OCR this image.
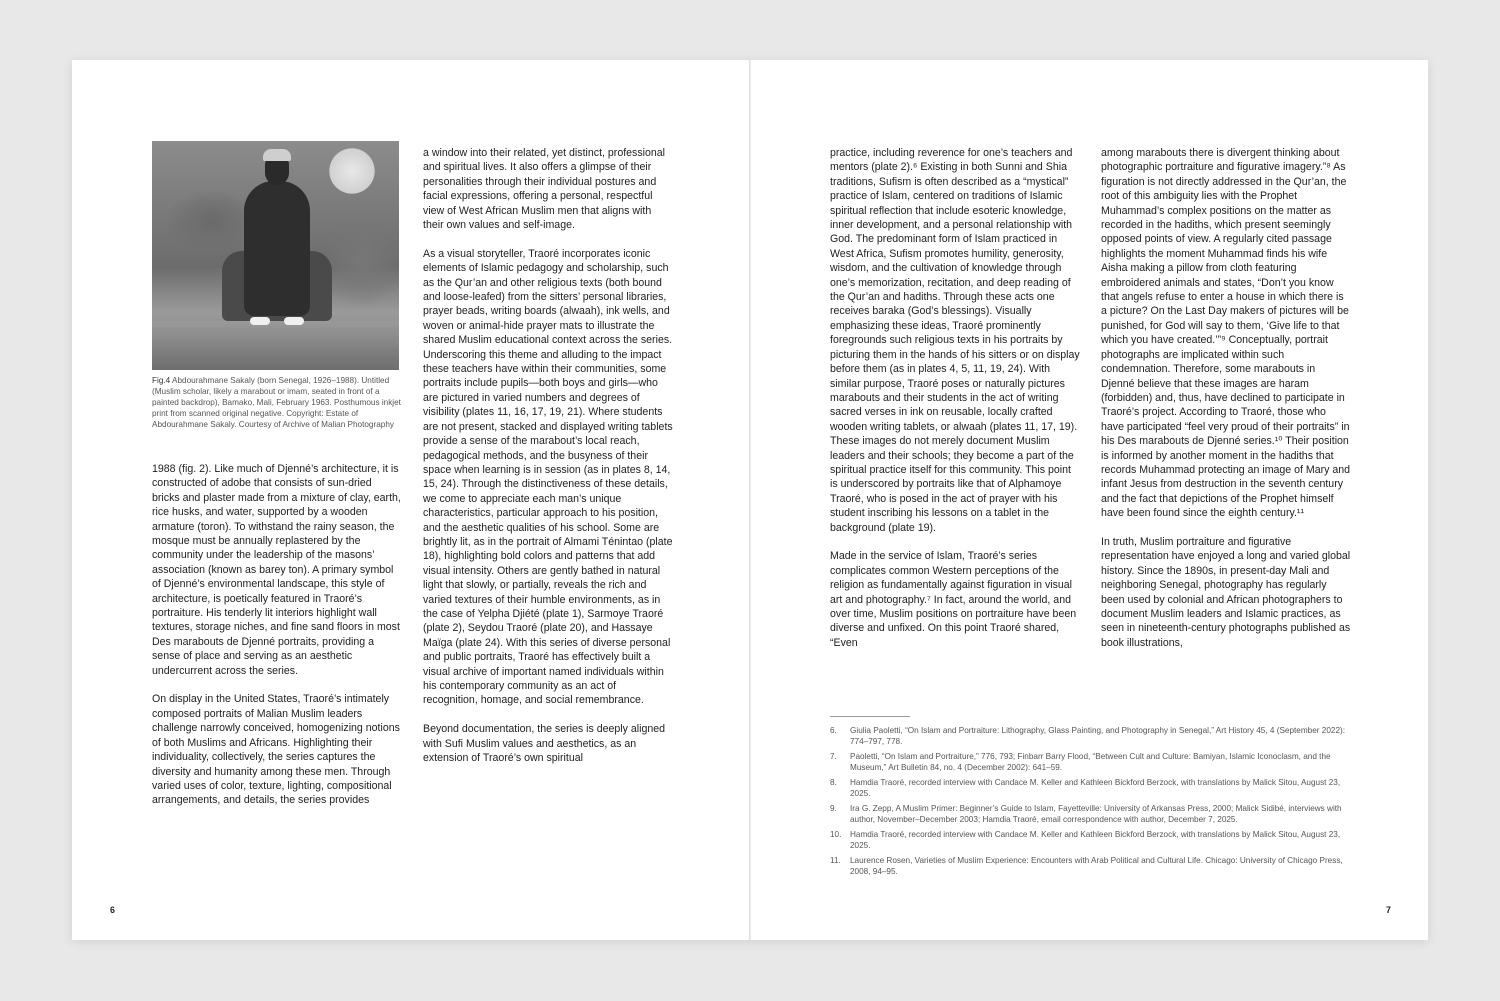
Fig.4 Abdourahmane Sakaly (born Senegal, 1926–1988). Untitled (Muslim scholar, likely a marabout or imam, seated in front of a painted backdrop), Bamako, Mali, February 1963. Posthumous inkjet print from scanned original negative. Copyright: Estate of Abdourahmane Sakaly. Courtesy of Archive of Malian Photography

1988 (fig. 2). Like much of Djenné’s architecture, it is constructed of adobe that consists of sun-dried bricks and plaster made from a mixture of clay, earth, rice husks, and water, supported by a wooden armature (toron). To withstand the rainy season, the mosque must be annually replastered by the community under the leadership of the masons’ association (known as barey ton). A primary symbol of Djenné’s environmental landscape, this style of architecture, is poetically featured in Traoré’s portraiture. His tenderly lit interiors highlight wall textures, storage niches, and fine sand floors in most Des marabouts de Djenné portraits, providing a sense of place and serving as an aesthetic undercurrent across the series.

On display in the United States, Traoré’s intimately composed portraits of Malian Muslim leaders challenge narrowly conceived, homogenizing notions of both Muslims and Africans. Highlighting their individuality, collectively, the series captures the diversity and humanity among these men. Through varied uses of color, texture, lighting, compositional arrangements, and details, the series provides

a window into their related, yet distinct, professional and spiritual lives. It also offers a glimpse of their personalities through their individual postures and facial expressions, offering a personal, respectful view of West African Muslim men that aligns with their own values and self-image.

As a visual storyteller, Traoré incorporates iconic elements of Islamic pedagogy and scholarship, such as the Qur’an and other religious texts (both bound and loose-leafed) from the sitters’ personal libraries, prayer beads, writing boards (alwaah), ink wells, and woven or animal-hide prayer mats to illustrate the shared Muslim educational context across the series. Underscoring this theme and alluding to the impact these teachers have within their communities, some portraits include pupils—both boys and girls—who are pictured in varied numbers and degrees of visibility (plates 11, 16, 17, 19, 21). Where students are not present, stacked and displayed writing tablets provide a sense of the marabout’s local reach, pedagogical methods, and the busyness of their space when learning is in session (as in plates 8, 14, 15, 24). Through the distinctiveness of these details, we come to appreciate each man’s unique characteristics, particular approach to his position, and the aesthetic qualities of his school. Some are brightly lit, as in the portrait of Almami Ténintao (plate 18), highlighting bold colors and patterns that add visual intensity. Others are gently bathed in natural light that slowly, or partially, reveals the rich and varied textures of their humble environments, as in the case of Yelpha Djiété (plate 1), Sarmoye Traoré (plate 2), Seydou Traoré (plate 20), and Hassaye Maïga (plate 24). With this series of diverse personal and public portraits, Traoré has effectively built a visual archive of important named individuals within his contemporary community as an act of recognition, homage, and social remembrance.

Beyond documentation, the series is deeply aligned with Sufi Muslim values and aesthetics, as an extension of Traoré’s own spiritual

6

practice, including reverence for one’s teachers and mentors (plate 2).⁶ Existing in both Sunni and Shia traditions, Sufism is often described as a “mystical” practice of Islam, centered on traditions of Islamic spiritual reflection that include esoteric knowledge, inner development, and a personal relationship with God. The predominant form of Islam practiced in West Africa, Sufism promotes humility, generosity, wisdom, and the cultivation of knowledge through one’s memorization, recitation, and deep reading of the Qur’an and hadiths. Through these acts one receives baraka (God’s blessings). Visually emphasizing these ideas, Traoré prominently foregrounds such religious texts in his portraits by picturing them in the hands of his sitters or on display before them (as in plates 4, 5, 11, 19, 24). With similar purpose, Traoré poses or naturally pictures marabouts and their students in the act of writing sacred verses in ink on reusable, locally crafted wooden writing tablets, or alwaah (plates 11, 17, 19). These images do not merely document Muslim leaders and their schools; they become a part of the spiritual practice itself for this community. This point is underscored by portraits like that of Alphamoye Traoré, who is posed in the act of prayer with his student inscribing his lessons on a tablet in the background (plate 19).

Made in the service of Islam, Traoré’s series complicates common Western perceptions of the religion as fundamentally against figuration in visual art and photography.⁷ In fact, around the world, and over time, Muslim positions on portraiture have been diverse and unfixed. On this point Traoré shared, “Even

among marabouts there is divergent thinking about photographic portraiture and figurative imagery.”⁸ As figuration is not directly addressed in the Qur’an, the root of this ambiguity lies with the Prophet Muhammad’s complex positions on the matter as recorded in the hadiths, which present seemingly opposed points of view. A regularly cited passage highlights the moment Muhammad finds his wife Aisha making a pillow from cloth featuring embroidered animals and states, “Don’t you know that angels refuse to enter a house in which there is a picture? On the Last Day makers of pictures will be punished, for God will say to them, ‘Give life to that which you have created.’”⁹ Conceptually, portrait photographs are implicated within such condemnation. Therefore, some marabouts in Djenné believe that these images are haram (forbidden) and, thus, have declined to participate in Traoré’s project. According to Traoré, those who have participated “feel very proud of their portraits” in his Des marabouts de Djenné series.¹⁰ Their position is informed by another moment in the hadiths that records Muhammad protecting an image of Mary and infant Jesus from destruction in the seventh century and the fact that depictions of the Prophet himself have been found since the eighth century.¹¹

In truth, Muslim portraiture and figurative representation have enjoyed a long and varied global history. Since the 1890s, in present-day Mali and neighboring Senegal, photography has regularly been used by colonial and African photographers to document Muslim leaders and Islamic practices, as seen in nineteenth-century photographs published as book illustrations,

6.	Giulia Paoletti, “On Islam and Portraiture: Lithography, Glass Painting, and Photography in Senegal,” Art History 45, 4 (September 2022): 774–797, 778.
7.	Paoletti, “On Islam and Portraiture,” 776, 793; Finbarr Barry Flood, “Between Cult and Culture: Bamiyan, Islamic Iconoclasm, and the Museum,” Art Bulletin 84, no. 4 (December 2002): 641–59.
8.	Hamdia Traoré, recorded interview with Candace M. Keller and Kathleen Bickford Berzock, with translations by Malick Sitou, August 23, 2025.
9.	Ira G. Zepp, A Muslim Primer: Beginner’s Guide to Islam, Fayetteville: University of Arkansas Press, 2000; Malick Sidibé, interviews with author, November–December 2003; Hamdia Traoré, email correspondence with author, December 7, 2025.
10.	Hamdia Traoré, recorded interview with Candace M. Keller and Kathleen Bickford Berzock, with translations by Malick Sitou, August 23, 2025.
11.	Laurence Rosen, Varieties of Muslim Experience: Encounters with Arab Political and Cultural Life. Chicago: University of Chicago Press, 2008, 94–95.
7
